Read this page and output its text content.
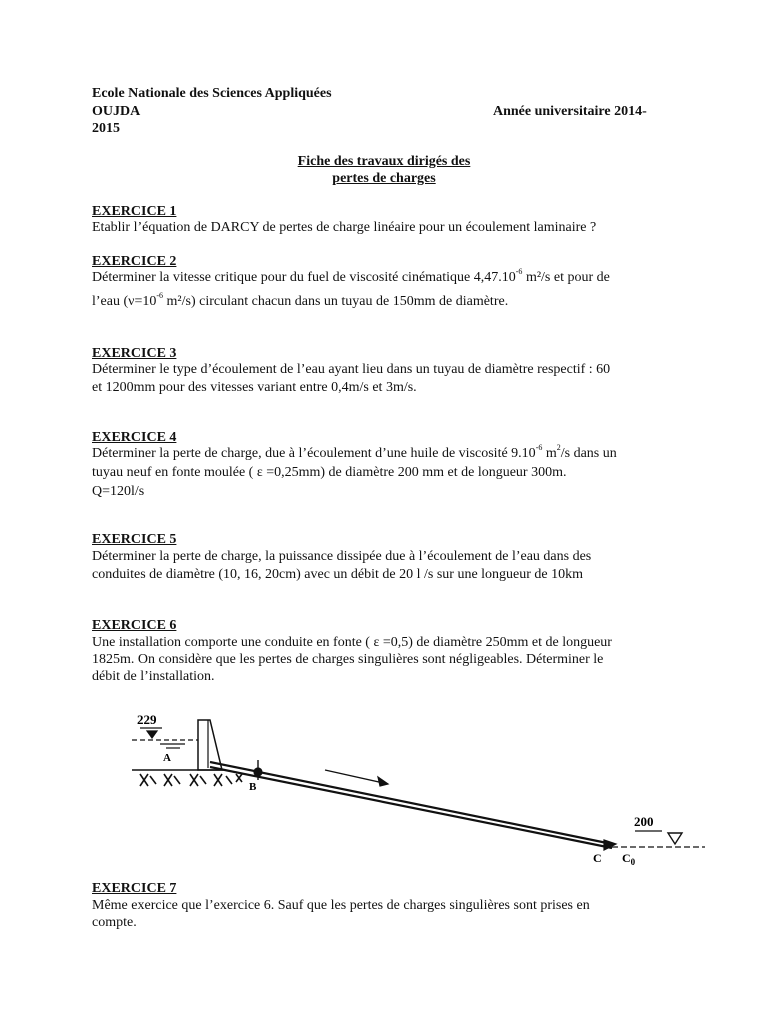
Ecole Nationale des Sciences Appliquées
OUJDA	Année universitaire 2014-
2015
Fiche des travaux dirigés des
pertes de charges
EXERCICE 1
Etablir l’équation de DARCY de pertes de charge linéaire pour un écoulement laminaire ?
EXERCICE 2
Déterminer la vitesse critique pour du fuel de viscosité cinématique $4,47.10^{-6}$ m²/s et pour de
l’eau ($\nu=10^{-6}$ m²/s) circulant chacun dans un tuyau de 150mm de diamètre.
EXERCICE 3
Déterminer le type d’écoulement de l’eau ayant lieu dans un tuyau de diamètre respectif : 60
et 1200mm pour des vitesses variant entre 0,4m/s et 3m/s.
EXERCICE 4
Déterminer la perte de charge, due à l’écoulement d’une huile de viscosité $9.10^{-6}$ $m^2/s$ dans un
tuyau neuf en fonte moulée ( ε =0,25mm) de diamètre 200 mm et de longueur 300m.
Q=120l/s
EXERCICE 5
Déterminer la perte de charge, la puissance dissipée due à l’écoulement de l’eau dans des
conduites de diamètre (10, 16, 20cm) avec un débit de 20 l /s sur une longueur de 10km
EXERCICE 6
Une installation comporte une conduite en fonte ( ε =0,5) de diamètre 250mm et de longueur
1825m. On considère que les pertes de charges singulières sont négligeables. Déterminer le
débit de l’installation.
229
A
B
200
C $C_0$
EXERCICE 7
Même exercice que l’exercice 6. Sauf que les pertes de charges singulières sont prises en
compte.
